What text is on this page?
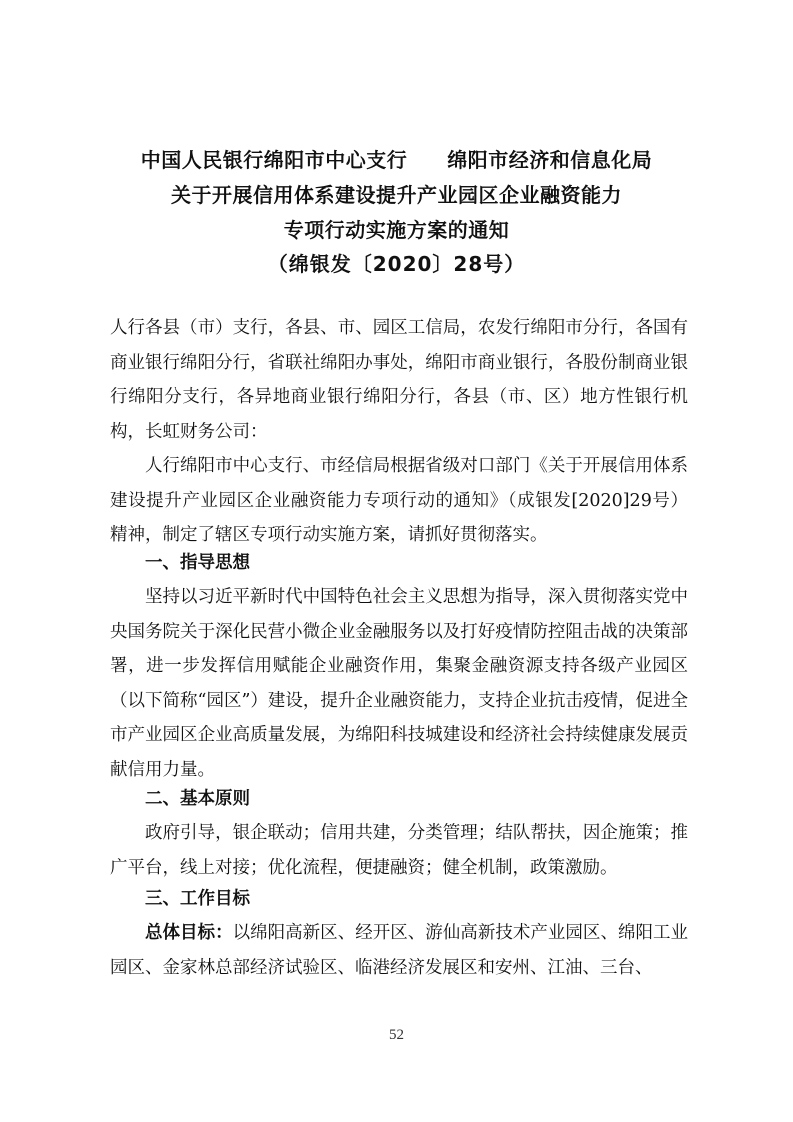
中国人民银行绵阳市中心支行 绵阳市经济和信息化局
关于开展信用体系建设提升产业园区企业融资能力
专项行动实施方案的通知
（绵银发〔2020〕28号）
人行各县（市）支行，各县、市、园区工信局，农发行绵阳市分行，各国有商业银行绵阳分行，省联社绵阳办事处，绵阳市商业银行，各股份制商业银行绵阳分支行，各异地商业银行绵阳分行，各县（市、区）地方性银行机构，长虹财务公司：
人行绵阳市中心支行、市经信局根据省级对口部门《关于开展信用体系建设提升产业园区企业融资能力专项行动的通知》（成银发[2020]29号）精神，制定了辖区专项行动实施方案，请抓好贯彻落实。
一、指导思想
坚持以习近平新时代中国特色社会主义思想为指导，深入贯彻落实党中央国务院关于深化民营小微企业金融服务以及打好疫情防控阻击战的决策部署，进一步发挥信用赋能企业融资作用，集聚金融资源支持各级产业园区（以下简称“园区”）建设，提升企业融资能力，支持企业抗击疫情，促进全市产业园区企业高质量发展，为绵阳科技城建设和经济社会持续健康发展贡献信用力量。
二、基本原则
政府引导，银企联动；信用共建，分类管理；结队帮扶，因企施策；推广平台，线上对接；优化流程，便捷融资；健全机制，政策激励。
三、工作目标
总体目标：以绵阳高新区、经开区、游仙高新技术产业园区、绵阳工业园区、金家林总部经济试验区、临港经济发展区和安州、江油、三台、
52
